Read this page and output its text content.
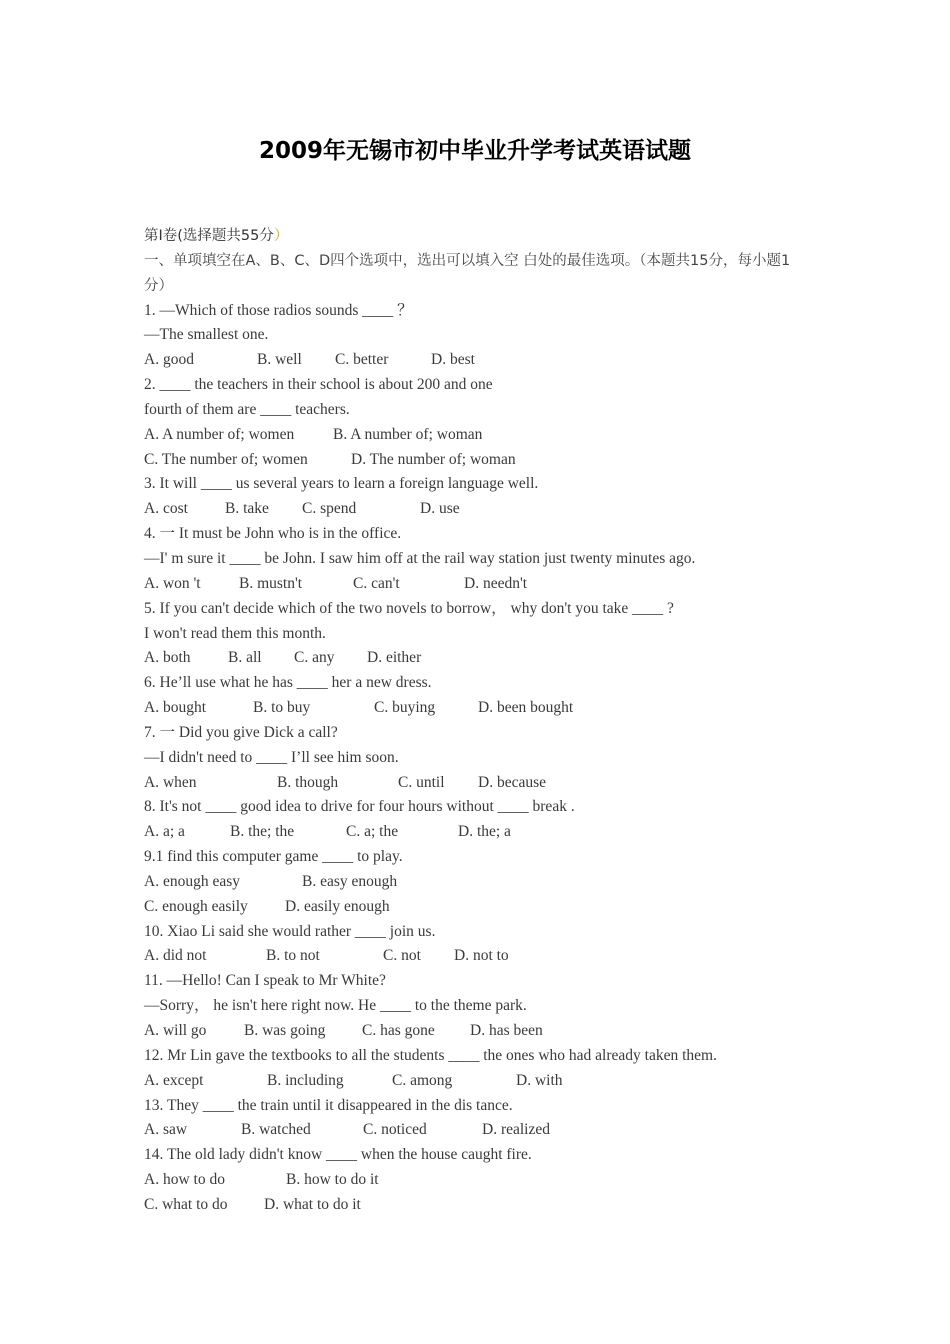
2009年无锡市初中毕业升学考试英语试题
第I卷(选择题共55分）
一、单项填空在A、B、C、D四个选项中，选出可以填入空 白处的最佳选项。（本题共15分，每小题1分）
1. —Which of those radios sounds ____ ？
—The smallest one.
A. good	B. well C. better	D. best
2. ____ the teachers in their school is about 200 and one
fourth of them are ____ teachers.
A. A number of; women	B. A number of; woman
C. The number of; women	D. The number of; woman
3. It will ____ us several years to learn a foreign language well.
A. cost B. take C. spend	D. use
4. 一 It must be John who is in the office.
—I' m sure it ____ be John. I saw him off at the rail way station just twenty minutes ago.
A. won 't B. mustn't	C. can't	D. needn't
5. If you can't decide which of the two novels to borrow， why don't you take ____ ?
I won't read them this month.
A. both B. all C. any D. either
6. He’ll use what he has ____ her a new dress.
A. bought	B. to buy	C. buying	D. been bought
7. 一 Did you give Dick a call?
—I didn't need to ____ I’ll see him soon.
A. when	B. though	C. until D. because
8. It's not ____ good idea to drive for four hours without ____ break .
A. a; a	B. the; the	C. a; the	D. the; a
9.1 find this computer game ____ to play.
A. enough easy	B. easy enough
C. enough easily D. easily enough
10. Xiao Li said she would rather ____ join us.
A. did not	B. to not	C. not D. not to
11. —Hello! Can I speak to Mr White?
—Sorry， he isn't here right now. He ____ to the theme park.
A. will go B. was going C. has gone D. has been
12. Mr Lin gave the textbooks to all the students ____ the ones who had already taken them.
A. except	B. including	C. among	D. with
13. They ____ the train until it disappeared in the dis tance.
A. saw	B. watched	C. noticed	D. realized
14. The old lady didn't know ____ when the house caught fire.
A. how to do	B. how to do it
C. what to do D. what to do it
